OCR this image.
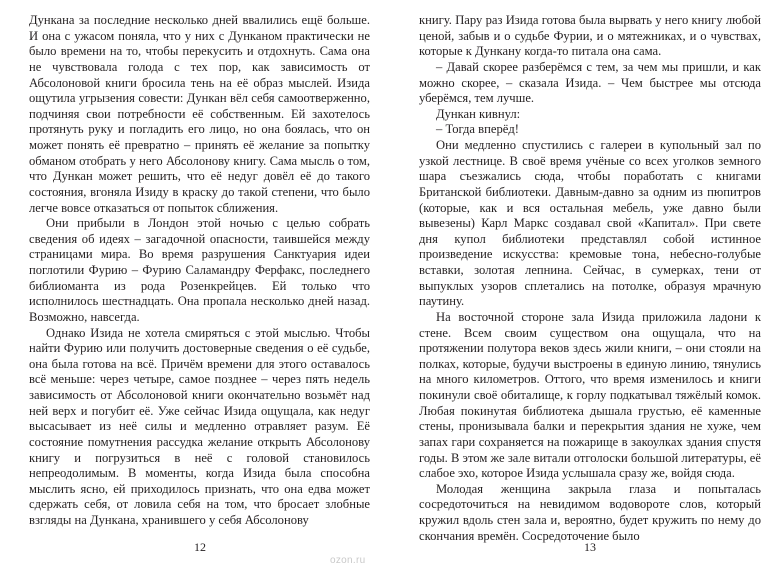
Дункана за последние несколько дней ввалились ещё больше. И она с ужасом поняла, что у них с Дунканом практически не было времени на то, чтобы перекусить и отдохнуть. Сама она не чувствовала голода с тех пор, как зависимость от Абсолоновой книги бросила тень на её образ мыслей. Изида ощутила угрызения совести: Дункан вёл себя самоотверженно, подчиняя свои потребности её собственным. Ей захотелось протянуть руку и погладить его лицо, но она боялась, что он может понять её превратно – принять её желание за попытку обманом отобрать у него Абсолонову книгу. Сама мысль о том, что Дункан может решить, что её недуг довёл её до такого состояния, вгоняла Изиду в краску до такой степени, что было легче вовсе отказаться от попыток сближения.

Они прибыли в Лондон этой ночью с целью собрать сведения об идеях – загадочной опасности, таившейся между страницами мира. Во время разрушения Санктуария идеи поглотили Фурию – Фурию Саламандру Ферфакс, последнего библиоманта из рода Розенкрейцев. Ей только что исполнилось шестнадцать. Она пропала несколько дней назад. Возможно, навсегда.

Однако Изида не хотела смиряться с этой мыслью. Чтобы найти Фурию или получить достоверные сведения о её судьбе, она была готова на всё. Причём времени для этого оставалось всё меньше: через четыре, самое позднее – через пять недель зависимость от Абсолоновой книги окончательно возьмёт над ней верх и погубит её. Уже сейчас Изида ощущала, как недуг высасывает из неё силы и медленно отравляет разум. Её состояние помутнения рассудка желание открыть Абсолонову книгу и погрузиться в неё с головой становилось непреодолимым. В моменты, когда Изида была способна мыслить ясно, ей приходилось признать, что она едва может сдержать себя, от ловила себя на том, что бросает злобные взгляды на Дункана, хранившего у себя Абсолонову

12

книгу. Пару раз Изида готова была вырвать у него книгу любой ценой, забыв и о судьбе Фурии, и о мятежниках, и о чувствах, которые к Дункану когда-то питала она сама.

– Давай скорее разберёмся с тем, за чем мы пришли, и как можно скорее, – сказала Изида. – Чем быстрее мы отсюда уберёмся, тем лучше.

Дункан кивнул:

– Тогда вперёд!

Они медленно спустились с галереи в купольный зал по узкой лестнице. В своё время учёные со всех уголков земного шара съезжались сюда, чтобы поработать с книгами Британской библиотеки. Давным-давно за одним из пюпитров (которые, как и вся остальная мебель, уже давно были вывезены) Карл Маркс создавал свой «Капитал». При свете дня купол библиотеки представлял собой истинное произведение искусства: кремовые тона, небесно-голубые вставки, золотая лепнина. Сейчас, в сумерках, тени от выпуклых узоров сплетались на потолке, образуя мрачную паутину.

На восточной стороне зала Изида приложила ладони к стене. Всем своим существом она ощущала, что на протяжении полутора веков здесь жили книги, – они стояли на полках, которые, будучи выстроены в единую линию, тянулись на много километров. Оттого, что время изменилось и книги покинули своё обиталище, к горлу подкатывал тяжёлый комок. Любая покинутая библиотека дышала грустью, её каменные стены, пронизывала балки и перекрытия здания не хуже, чем запах гари сохраняется на пожарище в закоулках здания спустя годы. В этом же зале витали отголоски большой литературы, её слабое эхо, которое Изида услышала сразу же, войдя сюда.

Молодая женщина закрыла глаза и попыталась сосредоточиться на невидимом водовороте слов, который кружил вдоль стен зала и, вероятно, будет кружить по нему до скончания времён. Сосредоточение было

13
ozon.ru
